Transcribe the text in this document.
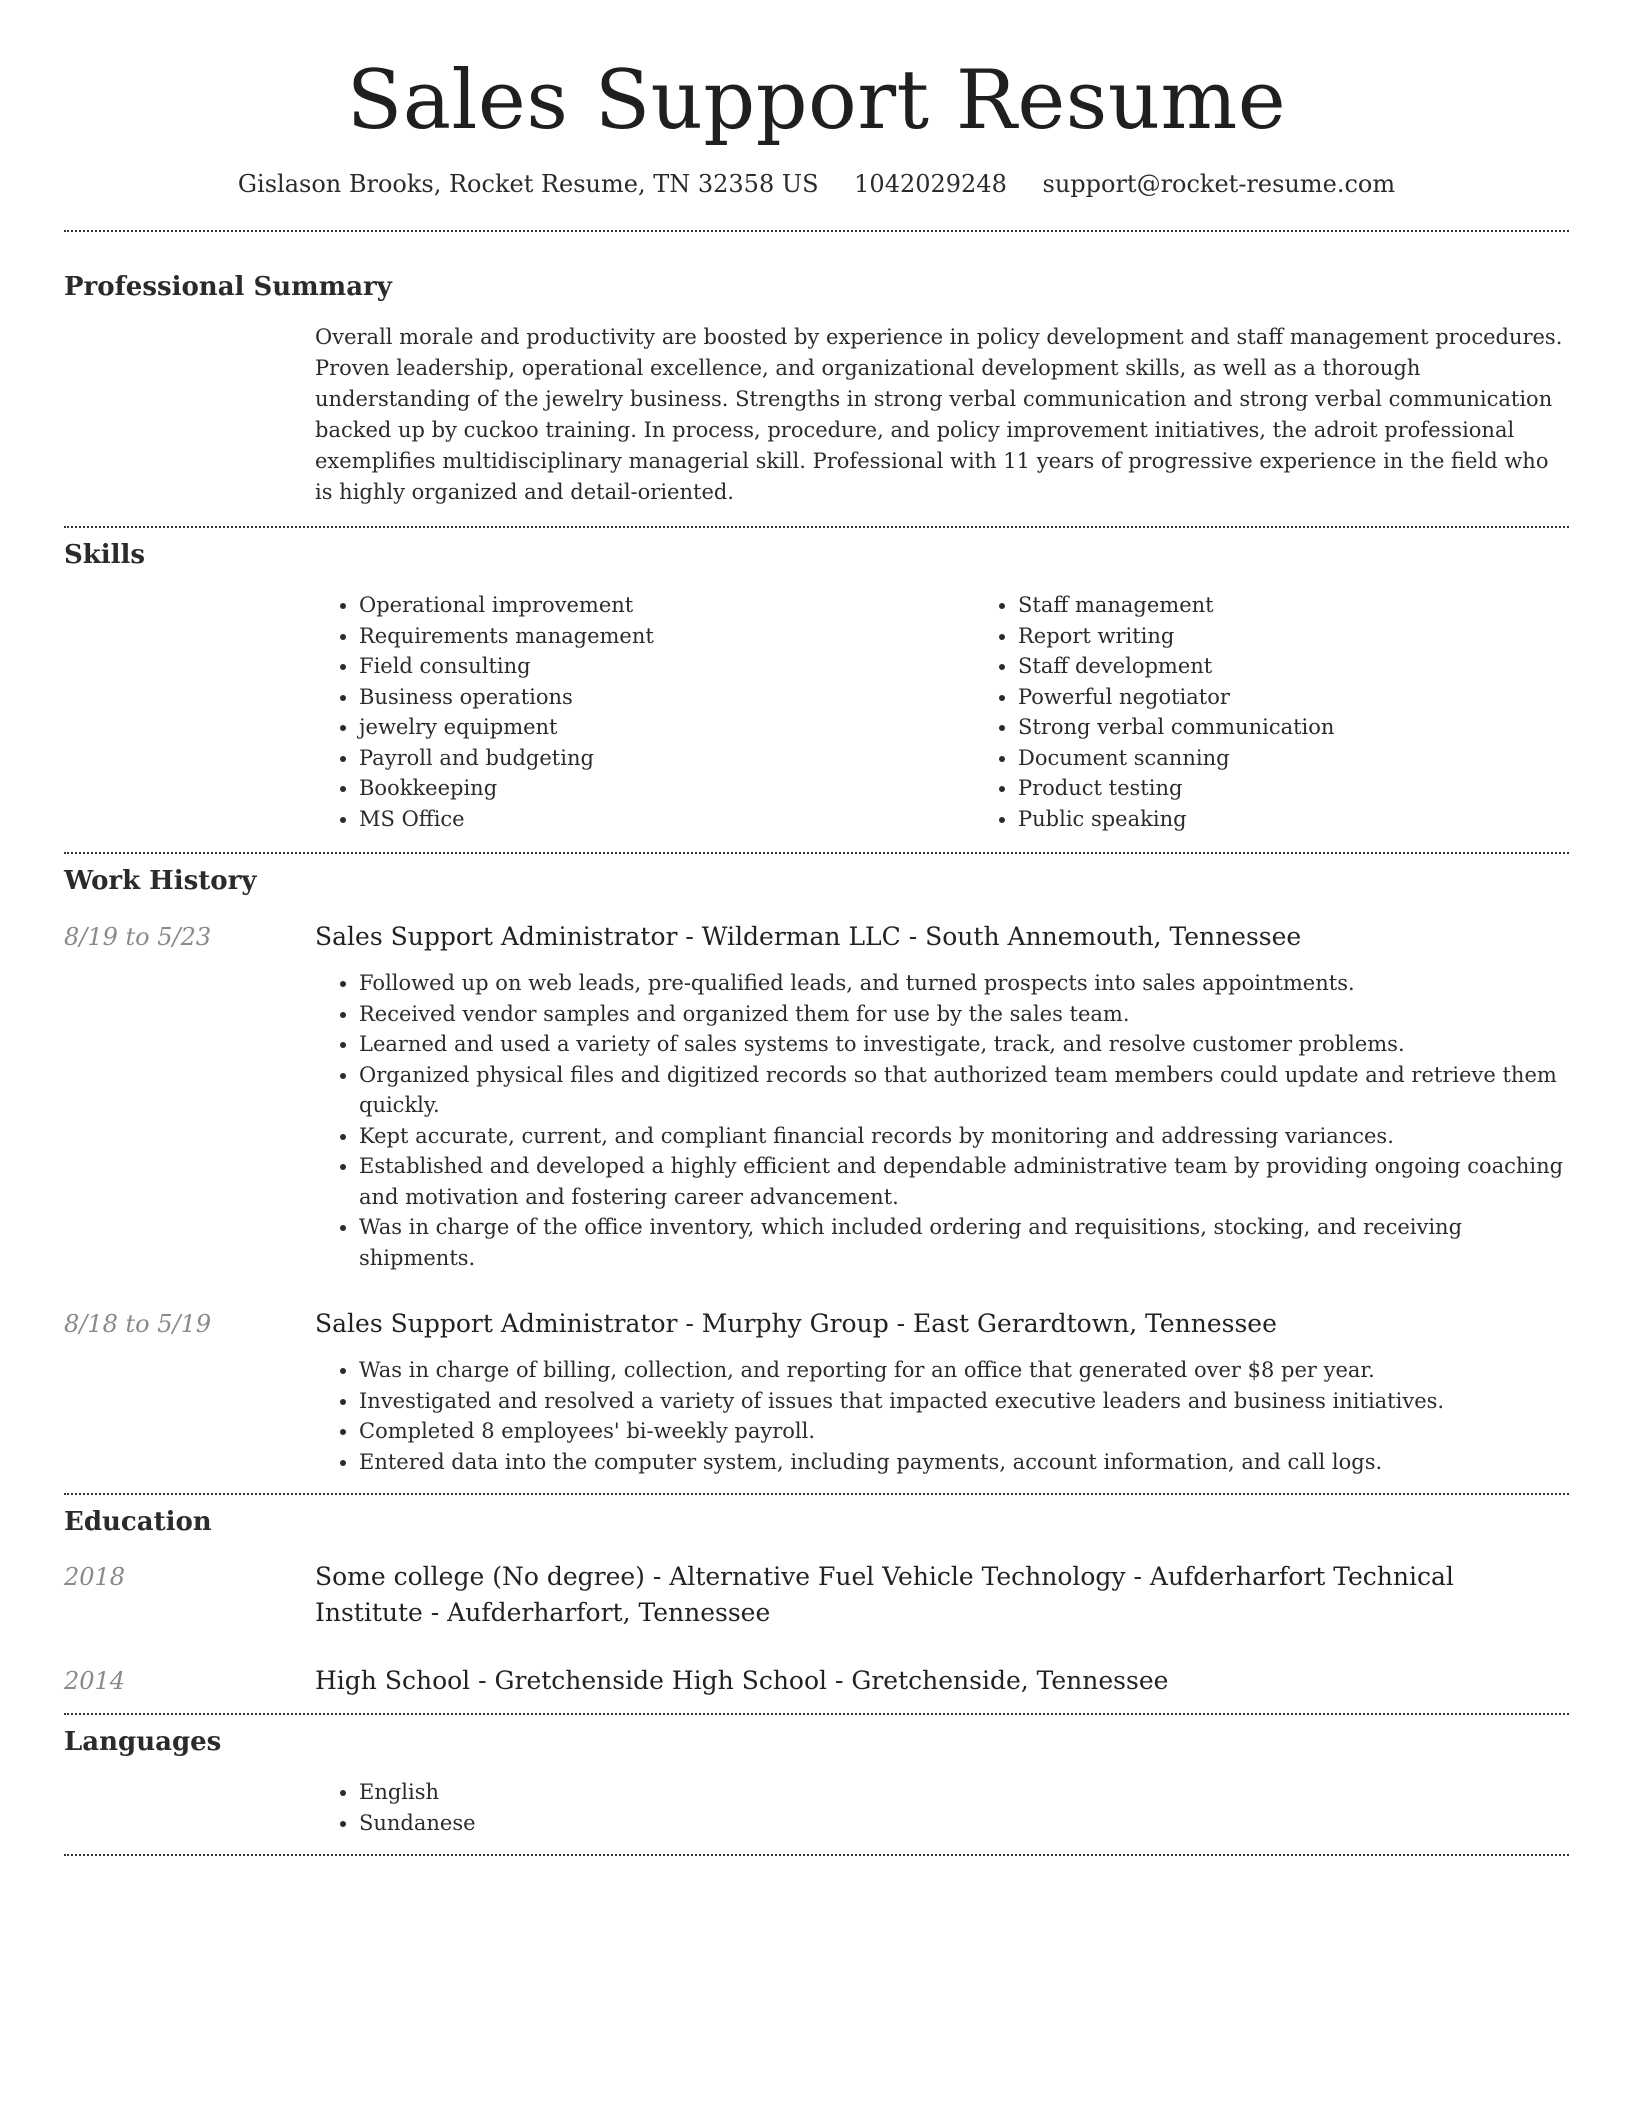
Sales Support Resume
Gislason Brooks, Rocket Resume, TN 32358 US 1042029248 support@rocket-resume.com
Professional Summary
Overall morale and productivity are boosted by experience in policy development and staff management procedures. Proven leadership, operational excellence, and organizational development skills, as well as a thorough understanding of the jewelry business. Strengths in strong verbal communication and strong verbal communication backed up by cuckoo training. In process, procedure, and policy improvement initiatives, the adroit professional exemplifies multidisciplinary managerial skill. Professional with 11 years of progressive experience in the field who is highly organized and detail-oriented.
Skills
• Operational improvement
• Requirements management
• Field consulting
• Business operations
• jewelry equipment
• Payroll and budgeting
• Bookkeeping
• MS Office
• Staff management
• Report writing
• Staff development
• Powerful negotiator
• Strong verbal communication
• Document scanning
• Product testing
• Public speaking
Work History
8/19 to 5/23	Sales Support Administrator - Wilderman LLC - South Annemouth, Tennessee
• Followed up on web leads, pre-qualified leads, and turned prospects into sales appointments.
• Received vendor samples and organized them for use by the sales team.
• Learned and used a variety of sales systems to investigate, track, and resolve customer problems.
• Organized physical files and digitized records so that authorized team members could update and retrieve them quickly.
• Kept accurate, current, and compliant financial records by monitoring and addressing variances.
• Established and developed a highly efficient and dependable administrative team by providing ongoing coaching and motivation and fostering career advancement.
• Was in charge of the office inventory, which included ordering and requisitions, stocking, and receiving shipments.
8/18 to 5/19	Sales Support Administrator - Murphy Group - East Gerardtown, Tennessee
• Was in charge of billing, collection, and reporting for an office that generated over $8 per year.
• Investigated and resolved a variety of issues that impacted executive leaders and business initiatives.
• Completed 8 employees' bi-weekly payroll.
• Entered data into the computer system, including payments, account information, and call logs.
Education
2018	Some college (No degree) - Alternative Fuel Vehicle Technology - Aufderharfort Technical Institute - Aufderharfort, Tennessee
2014	High School - Gretchenside High School - Gretchenside, Tennessee
Languages
• English
• Sundanese
